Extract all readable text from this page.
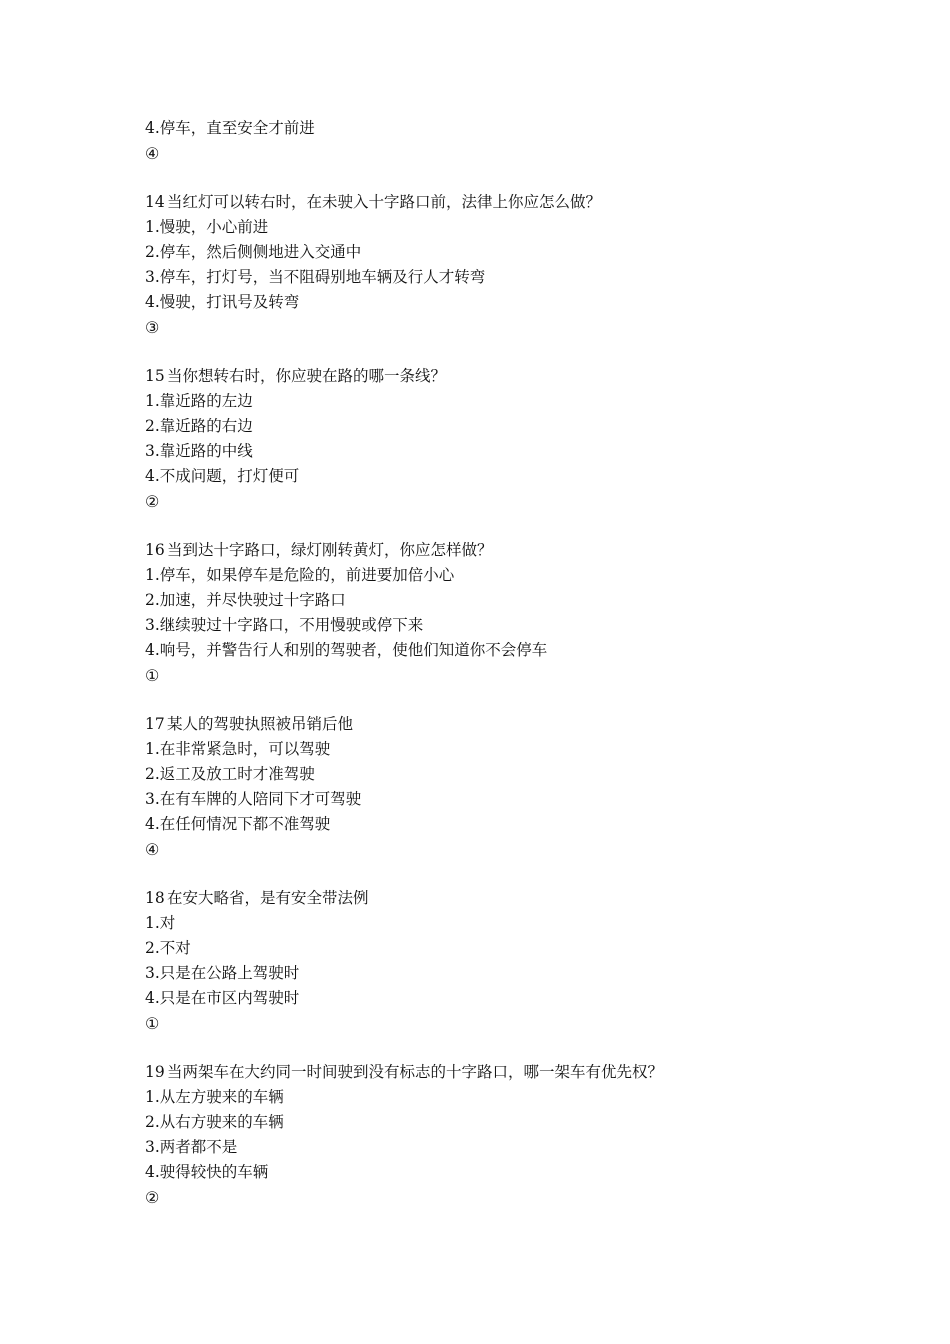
4.停车，直至安全才前进
④
14 当红灯可以转右时，在未驶入十字路口前，法律上你应怎么做？
1.慢驶，小心前进
2.停车，然后侧侧地进入交通中
3.停车，打灯号，当不阻碍别地车辆及行人才转弯
4.慢驶，打讯号及转弯
③
15 当你想转右时，你应驶在路的哪一条线？
1.靠近路的左边
2.靠近路的右边
3.靠近路的中线
4.不成问题，打灯便可
②
16 当到达十字路口，绿灯刚转黄灯，你应怎样做？
1.停车，如果停车是危险的，前进要加倍小心
2.加速，并尽快驶过十字路口
3.继续驶过十字路口，不用慢驶或停下来
4.响号，并警告行人和别的驾驶者，使他们知道你不会停车
①
17 某人的驾驶执照被吊销后他
1.在非常紧急时，可以驾驶
2.返工及放工时才准驾驶
3.在有车牌的人陪同下才可驾驶
4.在任何情况下都不准驾驶
④
18 在安大略省，是有安全带法例
1.对
2.不对
3.只是在公路上驾驶时
4.只是在市区内驾驶时
①
19 当两架车在大约同一时间驶到没有标志的十字路口，哪一架车有优先权？
1.从左方驶来的车辆
2.从右方驶来的车辆
3.两者都不是
4.驶得较快的车辆
②
